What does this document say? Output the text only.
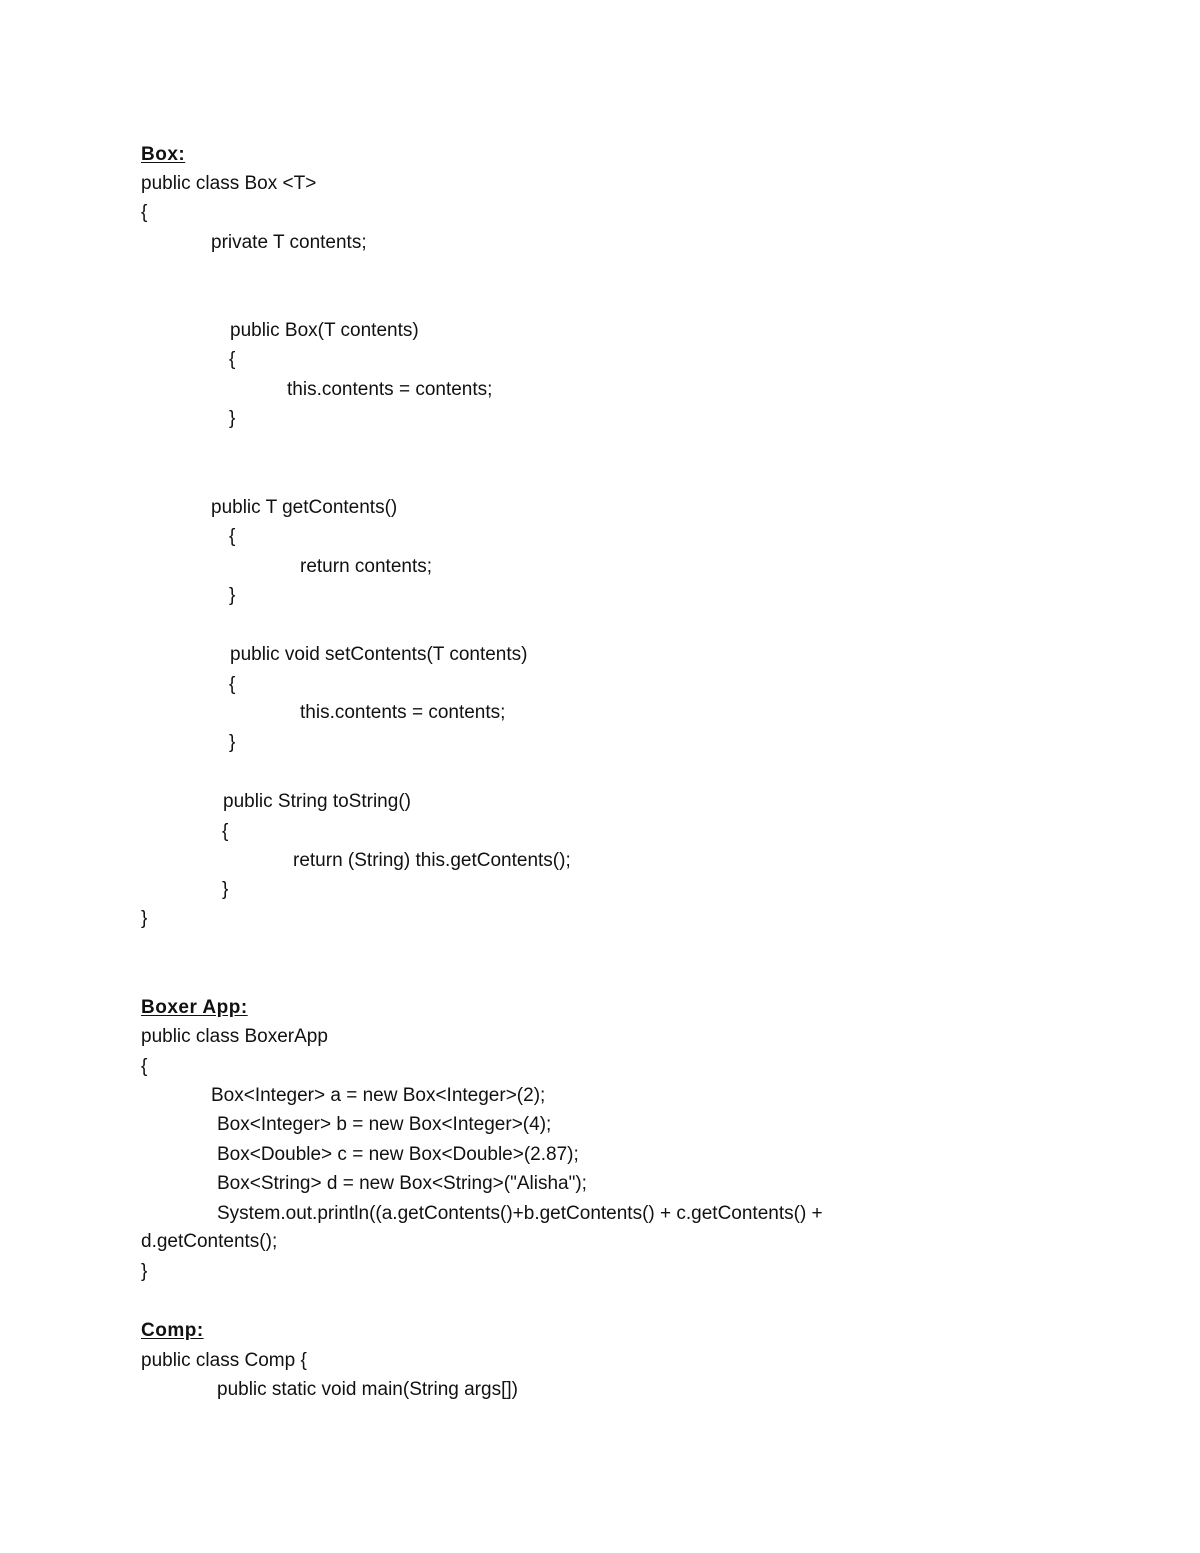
Box:
public class Box <T>
{
private T contents;
public Box(T contents)
{
this.contents = contents;
}
public T getContents()
{
return contents;
}
public void setContents(T contents)
{
this.contents = contents;
}
public String toString()
{
return (String) this.getContents();
}
}
Boxer App:
public class BoxerApp
{
Box<Integer> a = new Box<Integer>(2);
Box<Integer> b = new Box<Integer>(4);
Box<Double> c = new Box<Double>(2.87);
Box<String> d = new Box<String>("Alisha");
System.out.println((a.getContents()+b.getContents() + c.getContents() +
d.getContents();
}
Comp:
public class Comp {
public static void main(String args[])
